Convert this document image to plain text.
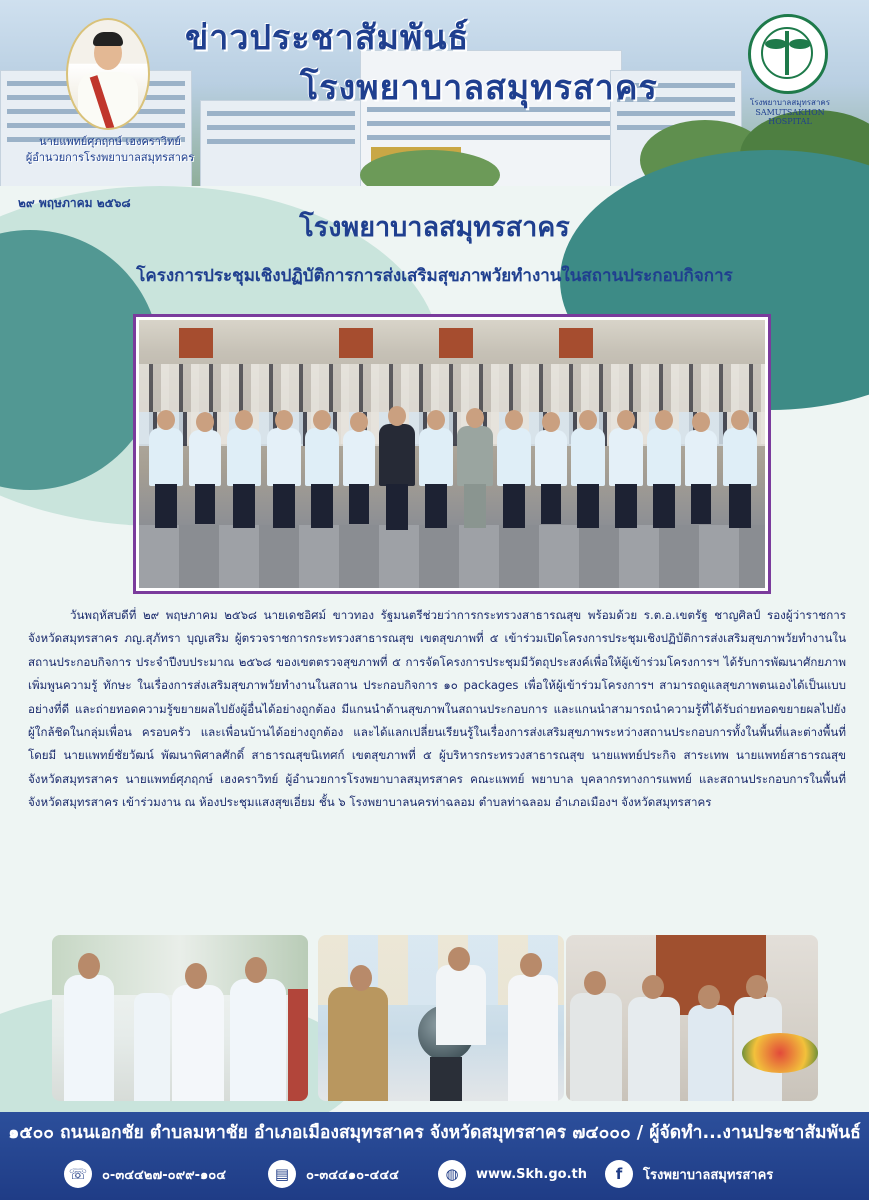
ข่าวประชาสัมพันธ์
โรงพยาบาลสมุทรสาคร
นายแพทย์ศุภฤกษ์ เฮงคราวิทย์
ผู้อำนวยการโรงพยาบาลสมุทรสาคร
โรงพยาบาลสมุทรสาคร
SAMUTSAKHON HOSPITAL
๒๙ พฤษภาคม ๒๕๖๘
โรงพยาบาลสมุทรสาคร
โครงการประชุมเชิงปฏิบัติการการส่งเสริมสุขภาพวัยทำงานในสถานประกอบกิจการ
วันพฤหัสบดีที่ ๒๙ พฤษภาคม ๒๕๖๘ นายเดชอิศม์ ขาวทอง รัฐมนตรีช่วยว่าการกระทรวงสาธารณสุข พร้อมด้วย ร.ต.อ.เขตรัฐ ชาญศิลป์ รองผู้ว่าราชการจังหวัดสมุทรสาคร ภญ.สุภัทรา บุญเสริม ผู้ตรวจราชการกระทรวงสาธารณสุข เขตสุขภาพที่ ๕ เข้าร่วมเปิดโครงการประชุมเชิงปฏิบัติการส่งเสริมสุขภาพวัยทำงานในสถานประกอบกิจการ ประจำปีงบประมาณ ๒๕๖๘ ของเขตตรวจสุขภาพที่ ๕ การจัดโครงการประชุมมีวัตถุประสงค์เพื่อให้ผู้เข้าร่วมโครงการฯ ได้รับการพัฒนาศักยภาพ เพิ่มพูนความรู้ ทักษะ ในเรื่องการส่งเสริมสุขภาพวัยทำงานในสถาน ประกอบกิจการ ๑๐ packages เพื่อให้ผู้เข้าร่วมโครงการฯ สามารถดูแลสุขภาพตนเองได้เป็นแบบอย่างที่ดี และถ่ายทอดความรู้ขยายผลไปยังผู้อื่นได้อย่างถูกต้อง มีแกนนำด้านสุขภาพในสถานประกอบการ และแกนนำสามารถนำความรู้ที่ได้รับถ่ายทอดขยายผลไปยังผู้ใกล้ชิดในกลุ่มเพื่อน ครอบครัว และเพื่อนบ้านได้อย่างถูกต้อง และได้แลกเปลี่ยนเรียนรู้ในเรื่องการส่งเสริมสุขภาพระหว่างสถานประกอบการทั้งในพื้นที่และต่างพื้นที่ โดยมี นายแพทย์ชัยวัฒน์ พัฒนาพิศาลศักดิ์ สาธารณสุขนิเทศก์ เขตสุขภาพที่ ๕ ผู้บริหารกระทรวงสาธารณสุข นายแพทย์ประกิจ สาระเทพ นายแพทย์สาธารณสุขจังหวัดสมุทรสาคร นายแพทย์ศุภฤกษ์ เฮงคราวิทย์ ผู้อำนวยการโรงพยาบาลสมุทรสาคร คณะแพทย์ พยาบาล บุคลากรทางการแพทย์ และสถานประกอบการในพื้นที่จังหวัดสมุทรสาคร เข้าร่วมงาน ณ ห้องประชุมแสงสุขเอี่ยม ชั้น ๖ โรงพยาบาลนครท่าฉลอม ตำบลท่าฉลอม อำเภอเมืองฯ จังหวัดสมุทรสาคร
๑๕๐๐ ถนนเอกชัย ตำบลมหาชัย อำเภอเมืองสมุทรสาคร จังหวัดสมุทรสาคร ๗๔๐๐๐ / ผู้จัดทำ...งานประชาสัมพันธ์
☏	๐-๓๔๔๒๗-๐๙๙-๑๐๔	▤	๐-๓๔๔๑๐-๔๔๔	◍	www.Skh.go.th	f	โรงพยาบาลสมุทรสาคร
